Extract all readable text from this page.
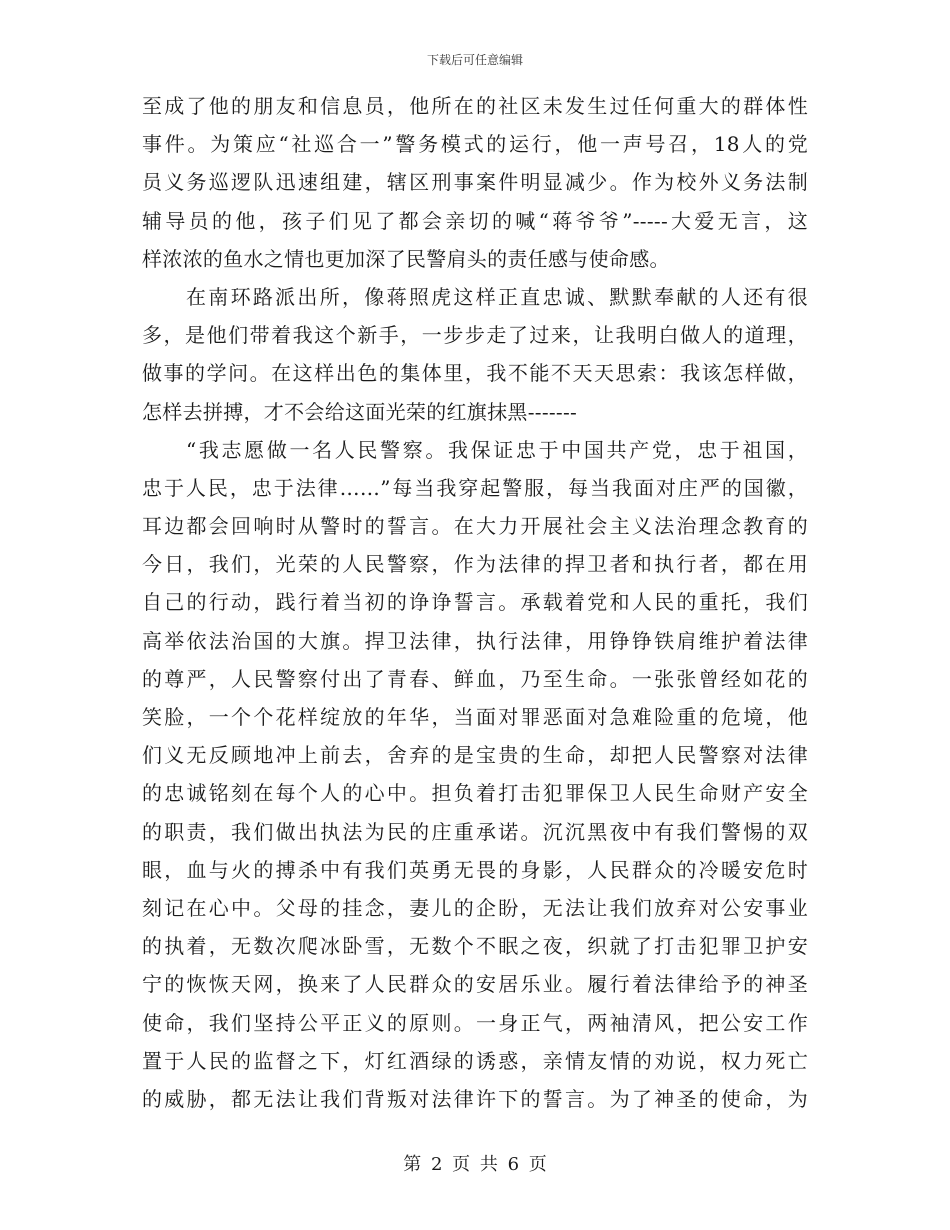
下载后可任意编辑
至成了他的朋友和信息员，他所在的社区未发生过任何重大的群体性
事件。为策应“社巡合一”警务模式的运行，他一声号召，18人的党
员义务巡逻队迅速组建，辖区刑事案件明显减少。作为校外义务法制
辅导员的他，孩子们见了都会亲切的喊“蒋爷爷”-----大爱无言，这
样浓浓的鱼水之情也更加深了民警肩头的责任感与使命感。
在南环路派出所，像蒋照虎这样正直忠诚、默默奉献的人还有很
多，是他们带着我这个新手，一步步走了过来，让我明白做人的道理，
做事的学问。在这样出色的集体里，我不能不天天思索：我该怎样做，
怎样去拼搏，才不会给这面光荣的红旗抹黑-------
“我志愿做一名人民警察。我保证忠于中国共产党，忠于祖国，
忠于人民，忠于法律……”每当我穿起警服，每当我面对庄严的国徽，
耳边都会回响时从警时的誓言。在大力开展社会主义法治理念教育的
今日，我们，光荣的人民警察，作为法律的捍卫者和执行者，都在用
自己的行动，践行着当初的诤诤誓言。承载着党和人民的重托，我们
高举依法治国的大旗。捍卫法律，执行法律，用铮铮铁肩维护着法律
的尊严，人民警察付出了青春、鲜血，乃至生命。一张张曾经如花的
笑脸，一个个花样绽放的年华，当面对罪恶面对急难险重的危境，他
们义无反顾地冲上前去，舍弃的是宝贵的生命，却把人民警察对法律
的忠诚铭刻在每个人的心中。担负着打击犯罪保卫人民生命财产安全
的职责，我们做出执法为民的庄重承诺。沉沉黑夜中有我们警惕的双
眼，血与火的搏杀中有我们英勇无畏的身影，人民群众的冷暖安危时
刻记在心中。父母的挂念，妻儿的企盼，无法让我们放弃对公安事业
的执着，无数次爬冰卧雪，无数个不眠之夜，织就了打击犯罪卫护安
宁的恢恢天网，换来了人民群众的安居乐业。履行着法律给予的神圣
使命，我们坚持公平正义的原则。一身正气，两袖清风，把公安工作
置于人民的监督之下，灯红酒绿的诱惑，亲情友情的劝说，权力死亡
的威胁，都无法让我们背叛对法律许下的誓言。为了神圣的使命，为
第 2 页 共 6 页
